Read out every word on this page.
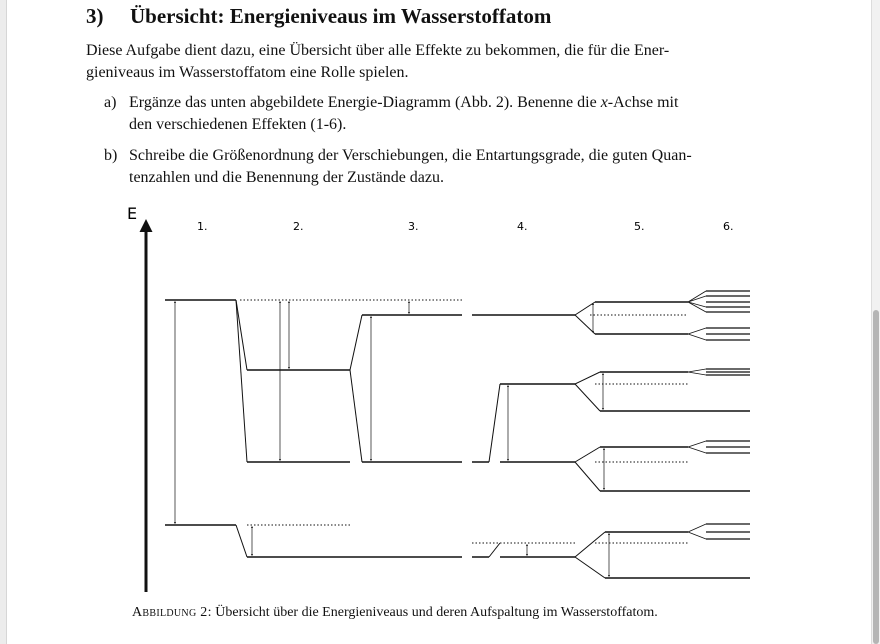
3) Übersicht: Energieniveaus im Wasserstoffatom
Diese Aufgabe dient dazu, eine Übersicht über alle Effekte zu bekommen, die für die Ener-
gieniveaus im Wasserstoffatom eine Rolle spielen.
a) Ergänze das unten abgebildete Energie-Diagramm (Abb. 2). Benenne die x-Achse mit
den verschiedenen Effekten (1-6).
b) Schreibe die Größenordnung der Verschiebungen, die Entartungsgrade, die guten Quan-
tenzahlen und die Benennung der Zustände dazu.
E
1.	2.	3.	4.	5.	6.
Abbildung 2: Übersicht über die Energieniveaus und deren Aufspaltung im Wasserstoffatom.
